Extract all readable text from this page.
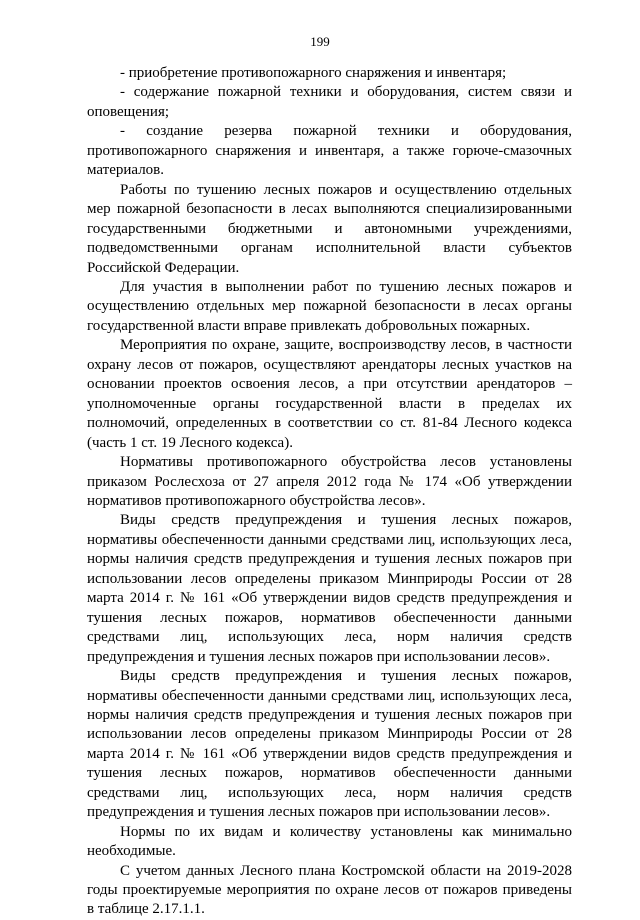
199

- приобретение противопожарного снаряжения и инвентаря;

- содержание пожарной техники и оборудования, систем связи и оповещения;

- создание резерва пожарной техники и оборудования, противопожарного снаряжения и инвентаря, а также горюче-смазочных материалов.

Работы по тушению лесных пожаров и осуществлению отдельных мер пожарной безопасности в лесах выполняются специализированными государственными бюджетными и автономными учреждениями, подведомственными органам исполнительной власти субъектов Российской Федерации.

Для участия в выполнении работ по тушению лесных пожаров и осуществлению отдельных мер пожарной безопасности в лесах органы государственной власти вправе привлекать добровольных пожарных.

Мероприятия по охране, защите, воспроизводству лесов, в частности охрану лесов от пожаров, осуществляют арендаторы лесных участков на основании проектов освоения лесов, а при отсутствии арендаторов – уполномоченные органы государственной власти в пределах их полномочий, определенных в соответствии со ст. 81-84 Лесного кодекса (часть 1 ст. 19 Лесного кодекса).

Нормативы противопожарного обустройства лесов установлены приказом Рослесхоза от 27 апреля 2012 года № 174 «Об утверждении нормативов противопожарного обустройства лесов».

Виды средств предупреждения и тушения лесных пожаров, нормативы обеспеченности данными средствами лиц, использующих леса, нормы наличия средств предупреждения и тушения лесных пожаров при использовании лесов определены приказом Минприроды России от 28 марта 2014 г. № 161 «Об утверждении видов средств предупреждения и тушения лесных пожаров, нормативов обеспеченности данными средствами лиц, использующих леса, норм наличия средств предупреждения и тушения лесных пожаров при использовании лесов».

Виды средств предупреждения и тушения лесных пожаров, нормативы обеспеченности данными средствами лиц, использующих леса, нормы наличия средств предупреждения и тушения лесных пожаров при использовании лесов определены приказом Минприроды России от 28 марта 2014 г. № 161 «Об утверждении видов средств предупреждения и тушения лесных пожаров, нормативов обеспеченности данными средствами лиц, использующих леса, норм наличия средств предупреждения и тушения лесных пожаров при использовании лесов».

Нормы по их видам и количеству установлены как минимально необходимые.

С учетом данных Лесного плана Костромской области на 2019-2028 годы проектируемые мероприятия по охране лесов от пожаров приведены в таблице 2.17.1.1.
